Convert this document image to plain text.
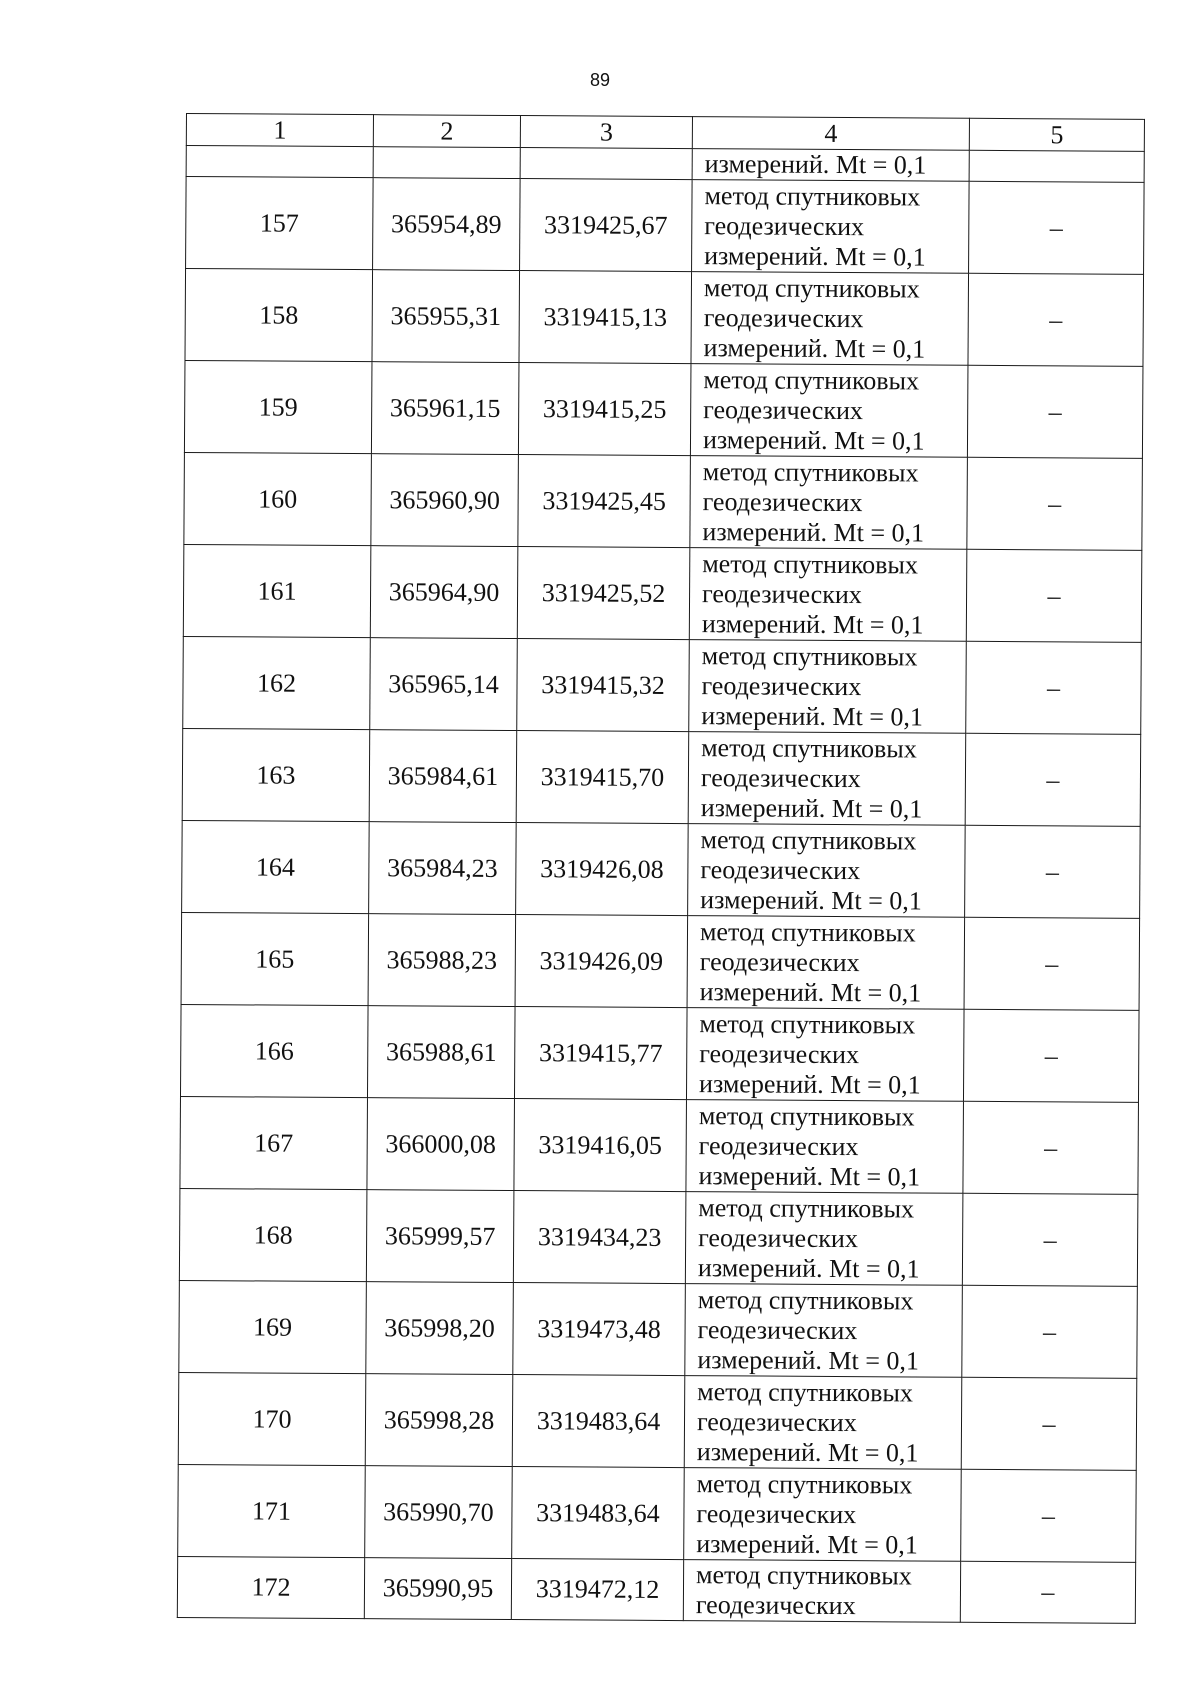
89
1	2	3	4	5

			измерений. Mt = 0,1	

157	365954,89	3319425,67	метод спутниковых
геодезических
измерений. Mt = 0,1	–
158	365955,31	3319415,13	метод спутниковых
геодезических
измерений. Mt = 0,1	–
159	365961,15	3319415,25	метод спутниковых
геодезических
измерений. Mt = 0,1	–
160	365960,90	3319425,45	метод спутниковых
геодезических
измерений. Mt = 0,1	–
161	365964,90	3319425,52	метод спутниковых
геодезических
измерений. Mt = 0,1	–
162	365965,14	3319415,32	метод спутниковых
геодезических
измерений. Mt = 0,1	–
163	365984,61	3319415,70	метод спутниковых
геодезических
измерений. Mt = 0,1	–
164	365984,23	3319426,08	метод спутниковых
геодезических
измерений. Mt = 0,1	–
165	365988,23	3319426,09	метод спутниковых
геодезических
измерений. Mt = 0,1	–
166	365988,61	3319415,77	метод спутниковых
геодезических
измерений. Mt = 0,1	–
167	366000,08	3319416,05	метод спутниковых
геодезических
измерений. Mt = 0,1	–
168	365999,57	3319434,23	метод спутниковых
геодезических
измерений. Mt = 0,1	–
169	365998,20	3319473,48	метод спутниковых
геодезических
измерений. Mt = 0,1	–
170	365998,28	3319483,64	метод спутниковых
геодезических
измерений. Mt = 0,1	–
171	365990,70	3319483,64	метод спутниковых
геодезических
измерений. Mt = 0,1	–
172	365990,95	3319472,12	метод спутниковых
геодезических	–
